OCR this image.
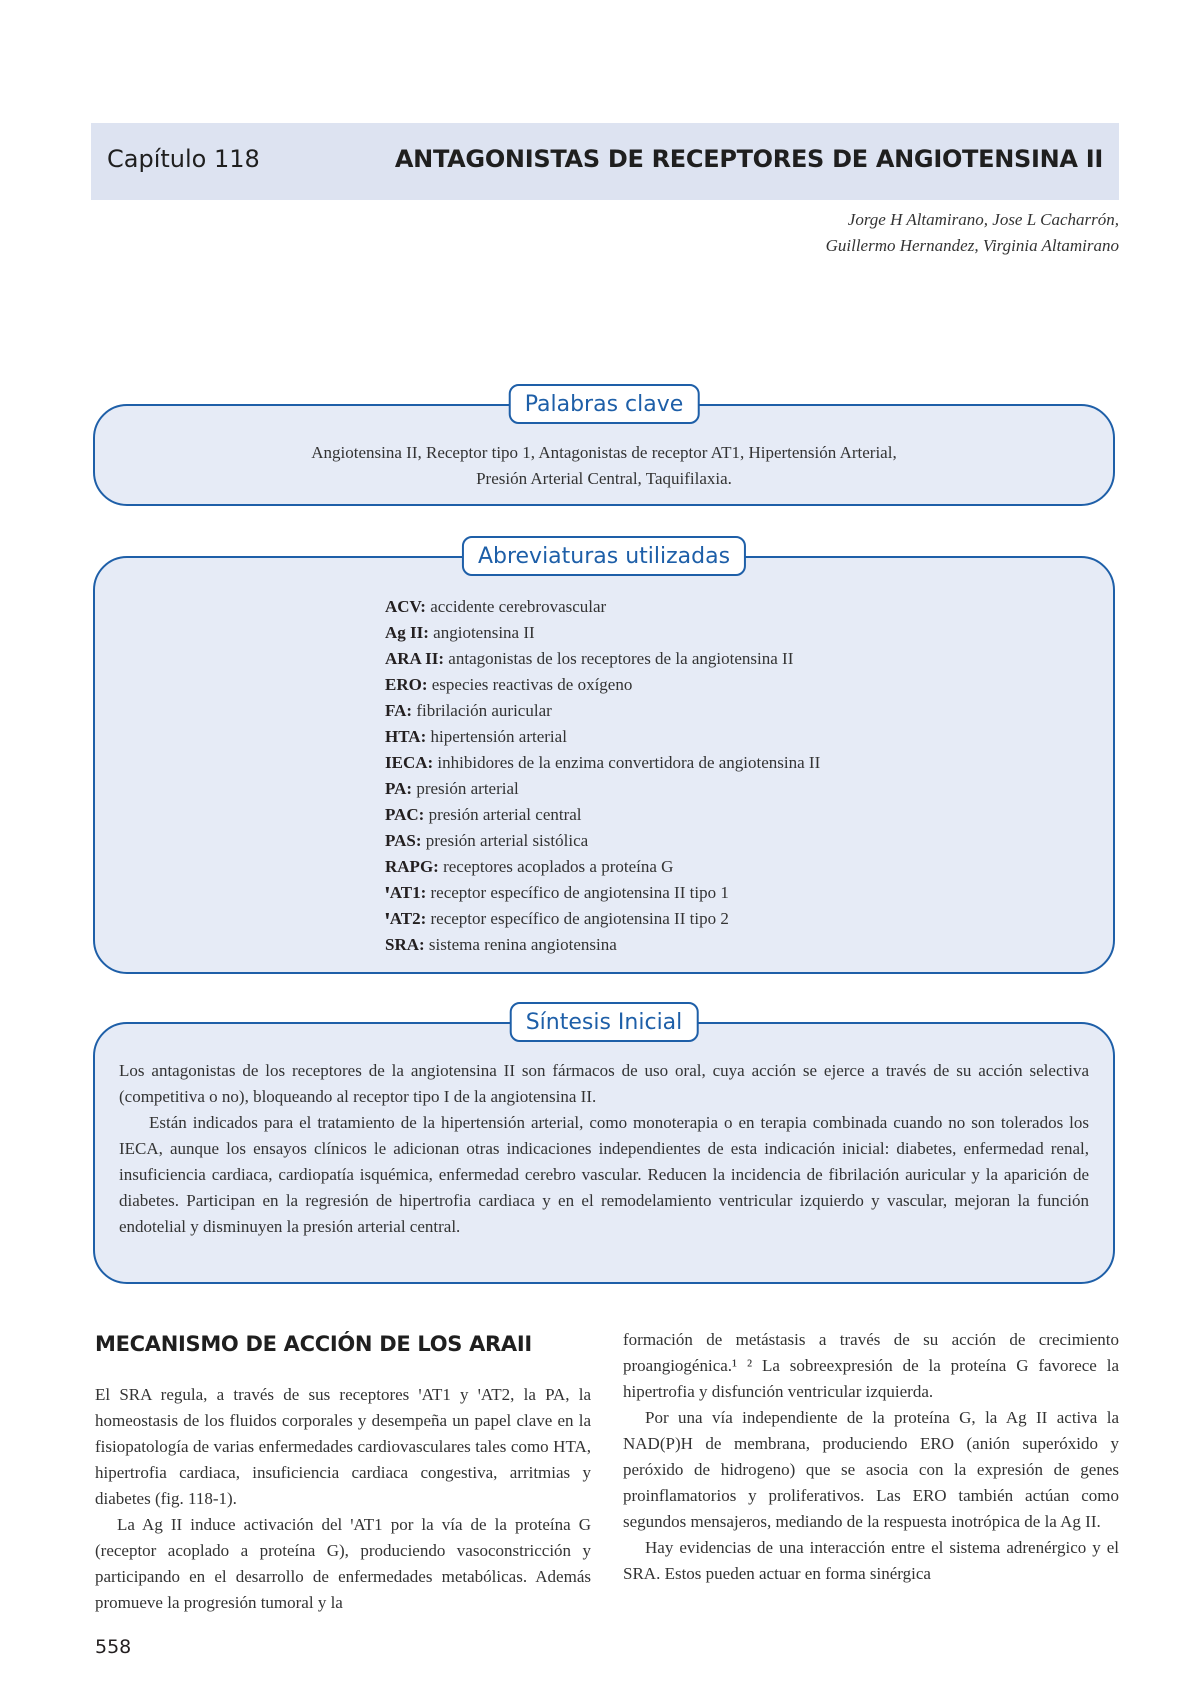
Capítulo 118	ANTAGONISTAS DE RECEPTORES DE ANGIOTENSINA II
Jorge H Altamirano, Jose L Cacharrón,
Guillermo Hernandez, Virginia Altamirano
Palabras clave
Angiotensina II, Receptor tipo 1, Antagonistas de receptor AT1, Hipertensión Arterial,
Presión Arterial Central, Taquifilaxia.
Abreviaturas utilizadas
ACV: accidente cerebrovascular
Ag II: angiotensina II
ARA II: antagonistas de los receptores de la angiotensina II
ERO: especies reactivas de oxígeno
FA: fibrilación auricular
HTA: hipertensión arterial
IECA: inhibidores de la enzima convertidora de angiotensina II
PA: presión arterial
PAC: presión arterial central
PAS: presión arterial sistólica
RAPG: receptores acoplados a proteína G
ꞌAT1: receptor específico de angiotensina II tipo 1
ꞌAT2: receptor específico de angiotensina II tipo 2
SRA: sistema renina angiotensina
Síntesis Inicial

Los antagonistas de los receptores de la angiotensina II son fármacos de uso oral, cuya acción se ejerce a través de su acción selectiva (competitiva o no), bloqueando al receptor tipo I de la angiotensina II.

Están indicados para el tratamiento de la hipertensión arterial, como monoterapia o en terapia combinada cuando no son tolerados los IECA, aunque los ensayos clínicos le adicionan otras indicaciones independientes de esta indicación inicial: diabetes, enfermedad renal, insuficiencia cardiaca, cardiopatía isquémica, enfermedad cerebro vascular. Reducen la incidencia de fibrilación auricular y la aparición de diabetes. Participan en la regresión de hipertrofia cardiaca y en el remodelamiento ventricular izquierdo y vascular, mejoran la función endotelial y disminuyen la presión arterial central.

MECANISMO DE ACCIÓN DE LOS ARAII

El SRA regula, a través de sus receptores ꞌAT1 y ꞌAT2, la PA, la homeostasis de los fluidos corporales y desempeña un papel clave en la fisiopatología de varias enfermedades cardiovasculares tales como HTA, hipertrofia cardiaca, insuficiencia cardiaca congestiva, arritmias y diabetes (fig. 118-1).

La Ag II induce activación del ꞌAT1 por la vía de la proteína G (receptor acoplado a proteína G), produciendo vasoconstricción y participando en el desarrollo de enfermedades metabólicas. Además promueve la progresión tumoral y la

formación de metástasis a través de su acción de crecimiento proangiogénica.¹ ² La sobreexpresión de la proteína G favorece la hipertrofia y disfunción ventricular izquierda.

Por una vía independiente de la proteína G, la Ag II activa la NAD(P)H de membrana, produciendo ERO (anión superóxido y peróxido de hidrogeno) que se asocia con la expresión de genes proinflamatorios y proliferativos. Las ERO también actúan como segundos mensajeros, mediando de la respuesta inotrópica de la Ag II.

Hay evidencias de una interacción entre el sistema adrenérgico y el SRA. Estos pueden actuar en forma sinérgica

558
